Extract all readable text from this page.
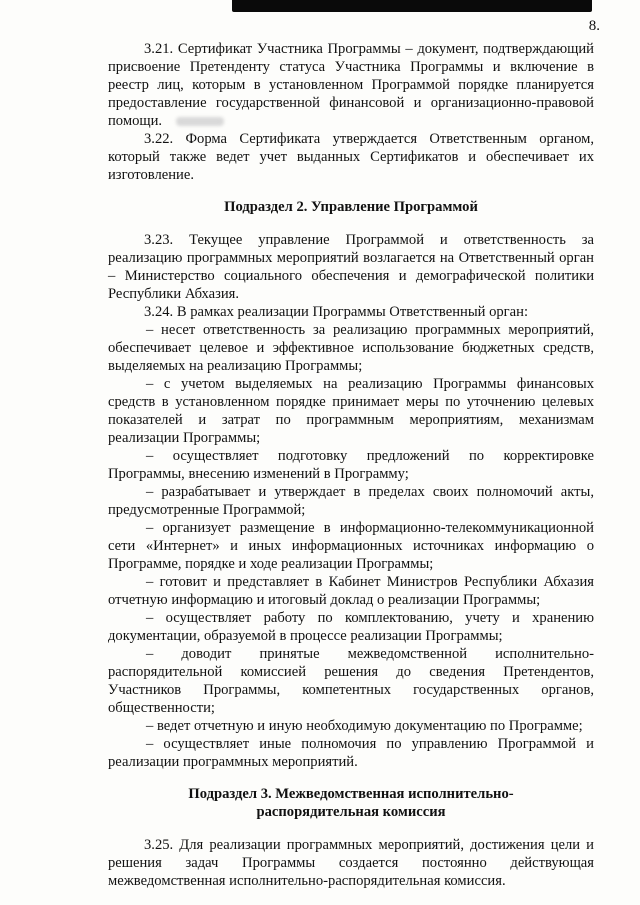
8.

3.21. Сертификат Участника Программы – документ, подтверждающий присвоение Претенденту статуса Участника Программы и включение в реестр лиц, которым в установленном Программой порядке планируется предоставление государственной финансовой и организационно-правовой помощи.

3.22. Форма Сертификата утверждается Ответственным органом, который также ведет учет выданных Сертификатов и обеспечивает их изготовление.

Подраздел 2. Управление Программой

3.23. Текущее управление Программой и ответственность за реализацию программных мероприятий возлагается на Ответственный орган – Министерство социального обеспечения и демографической политики Республики Абхазия.

3.24. В рамках реализации Программы Ответственный орган:

– несет ответственность за реализацию программных мероприятий, обеспечивает целевое и эффективное использование бюджетных средств, выделяемых на реализацию Программы;

– с учетом выделяемых на реализацию Программы финансовых средств в установленном порядке принимает меры по уточнению целевых показателей и затрат по программным мероприятиям, механизмам реализации Программы;

– осуществляет подготовку предложений по корректировке Программы, внесению изменений в Программу;

– разрабатывает и утверждает в пределах своих полномочий акты, предусмотренные Программой;

– организует размещение в информационно-телекоммуникационной сети «Интернет» и иных информационных источниках информацию о Программе, порядке и ходе реализации Программы;

– готовит и представляет в Кабинет Министров Республики Абхазия отчетную информацию и итоговый доклад о реализации Программы;

– осуществляет работу по комплектованию, учету и хранению документации, образуемой в процессе реализации Программы;

– доводит принятые межведомственной исполнительно-распорядительной комиссией решения до сведения Претендентов, Участников Программы, компетентных государственных органов, общественности;

– ведет отчетную и иную необходимую документацию по Программе;

– осуществляет иные полномочия по управлению Программой и реализации программных мероприятий.

Подраздел 3. Межведомственная исполнительно-
распорядительная комиссия

3.25. Для реализации программных мероприятий, достижения цели и решения задач Программы создается постоянно действующая межведомственная исполнительно-распорядительная комиссия.
